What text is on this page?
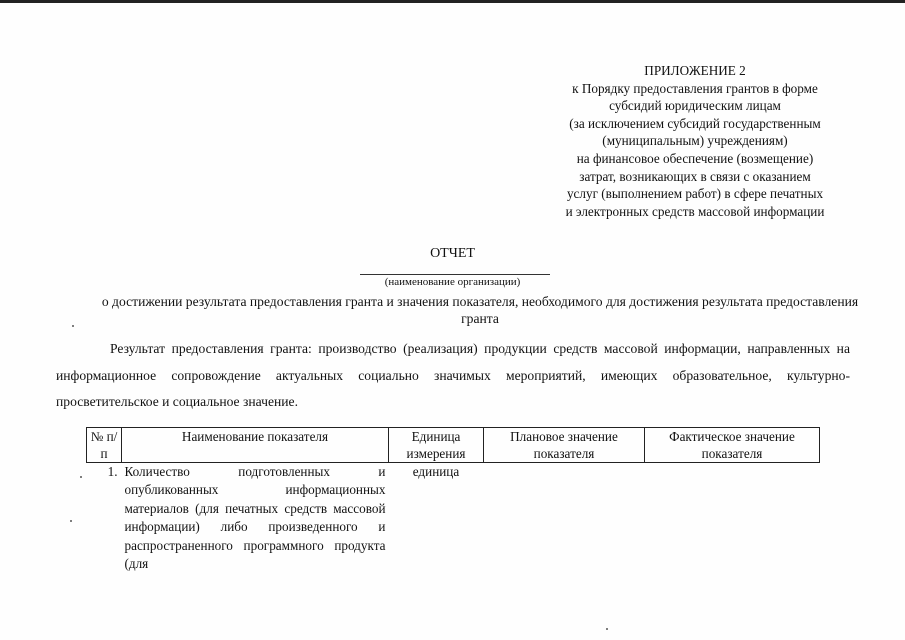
ПРИЛОЖЕНИЕ 2
к Порядку предоставления грантов в форме
субсидий юридическим лицам
(за исключением субсидий государственным
(муниципальным) учреждениям)
на финансовое обеспечение (возмещение)
затрат, возникающих в связи с оказанием
услуг (выполнением работ) в сфере печатных
и электронных средств массовой информации
ОТЧЕТ
(наименование организации)
о достижении результата предоставления гранта и значения показателя, необходимого для достижения результата предоставления гранта
Результат предоставления гранта: производство (реализация) продукции средств массовой информации, направленных на информационное сопровождение актуальных социально значимых мероприятий, имеющих образовательное, культурно-просветительское и социальное значение.
№ п/п	Наименование показателя	Единица измерения	Плановое значение показателя	Фактическое значение показателя
1.	Количество подготовленных и опубликованных информационных материалов (для печатных средств массовой информации) либо произведенного и распространенного программного продукта (для	единица		
